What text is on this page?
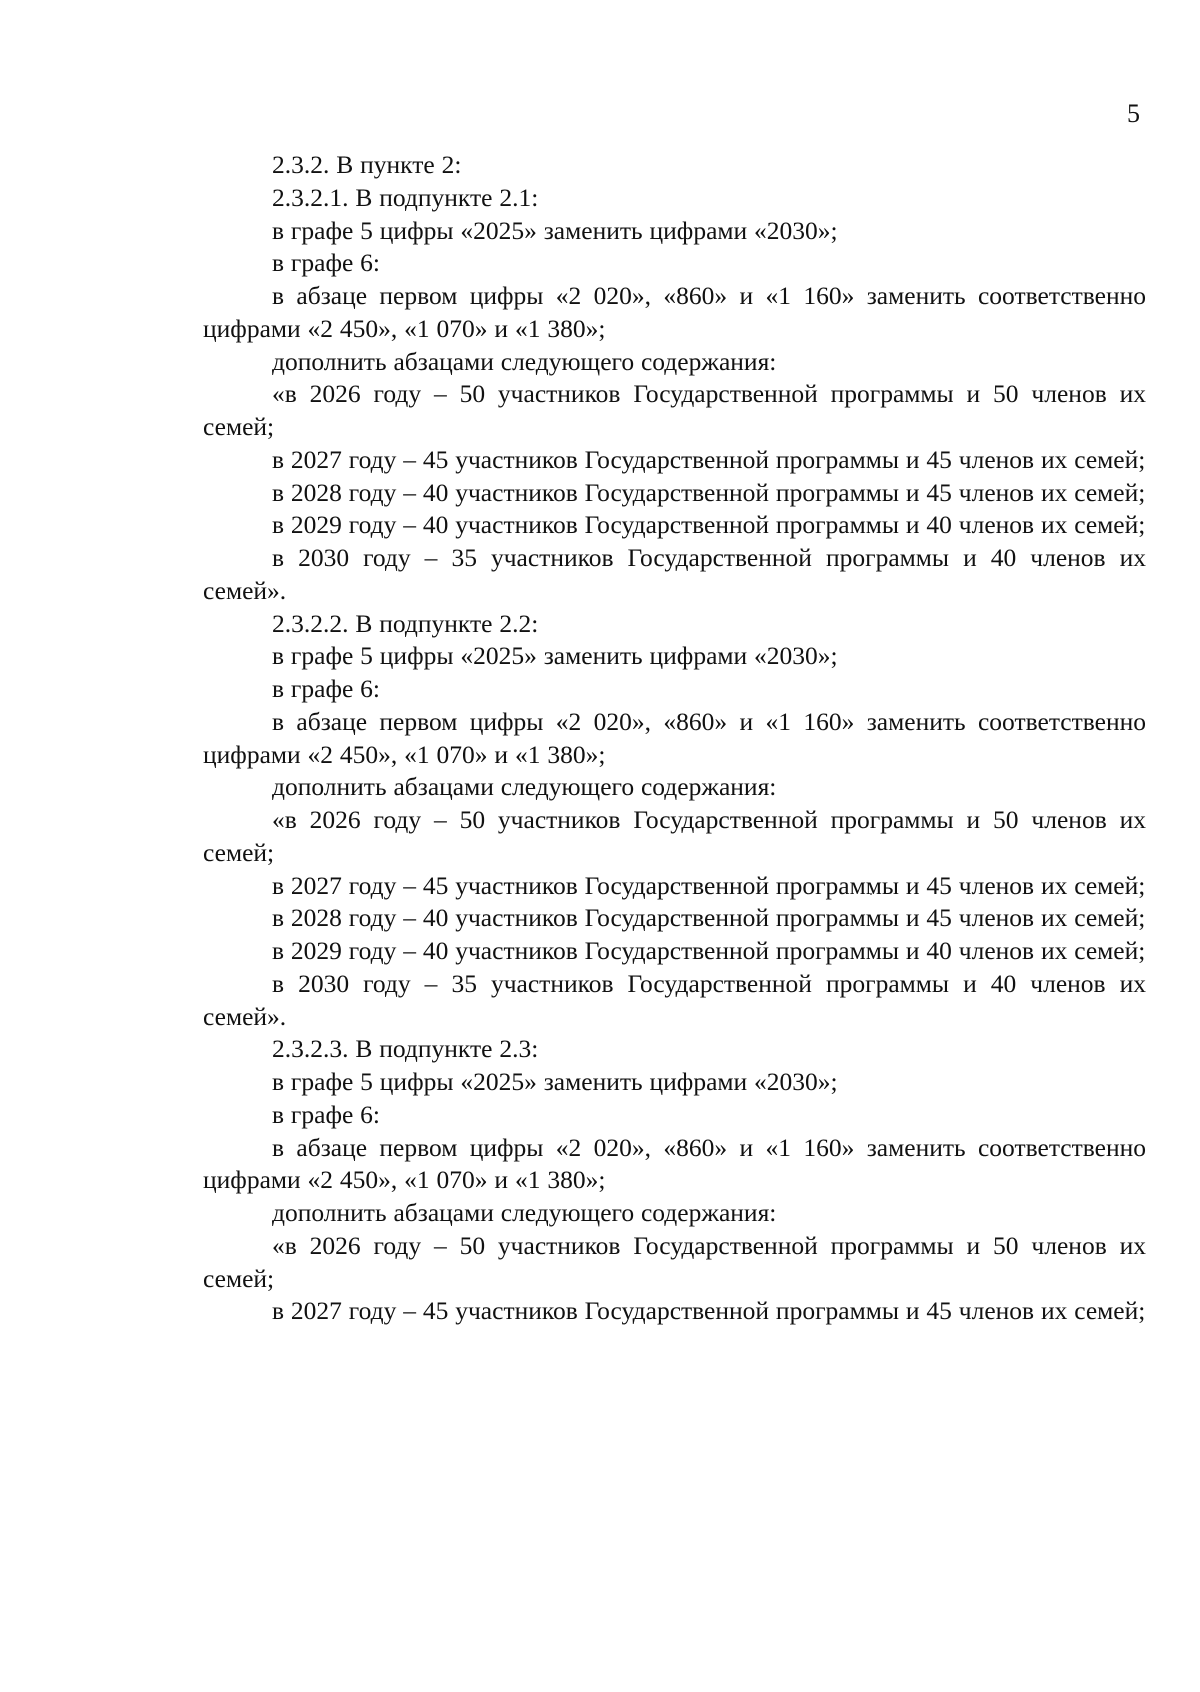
5

2.3.2. В пункте 2:

2.3.2.1. В подпункте 2.1:

в графе 5 цифры «2025» заменить цифрами «2030»;

в графе 6:

в абзаце первом цифры «2 020», «860» и «1 160» заменить соответственно цифрами «2 450», «1 070» и «1 380»;

дополнить абзацами следующего содержания:

«в 2026 году – 50 участников Государственной программы и 50 членов их семей;

в 2027 году – 45 участников Государственной программы и 45 членов их семей;

в 2028 году – 40 участников Государственной программы и 45 членов их семей;

в 2029 году – 40 участников Государственной программы и 40 членов их семей;

в 2030 году – 35 участников Государственной программы и 40 членов их семей».

2.3.2.2. В подпункте 2.2:

в графе 5 цифры «2025» заменить цифрами «2030»;

в графе 6:

в абзаце первом цифры «2 020», «860» и «1 160» заменить соответственно цифрами «2 450», «1 070» и «1 380»;

дополнить абзацами следующего содержания:

«в 2026 году – 50 участников Государственной программы и 50 членов их семей;

в 2027 году – 45 участников Государственной программы и 45 членов их семей;

в 2028 году – 40 участников Государственной программы и 45 членов их семей;

в 2029 году – 40 участников Государственной программы и 40 членов их семей;

в 2030 году – 35 участников Государственной программы и 40 членов их семей».

2.3.2.3. В подпункте 2.3:

в графе 5 цифры «2025» заменить цифрами «2030»;

в графе 6:

в абзаце первом цифры «2 020», «860» и «1 160» заменить соответственно цифрами «2 450», «1 070» и «1 380»;

дополнить абзацами следующего содержания:

«в 2026 году – 50 участников Государственной программы и 50 членов их семей;

в 2027 году – 45 участников Государственной программы и 45 членов их семей;
